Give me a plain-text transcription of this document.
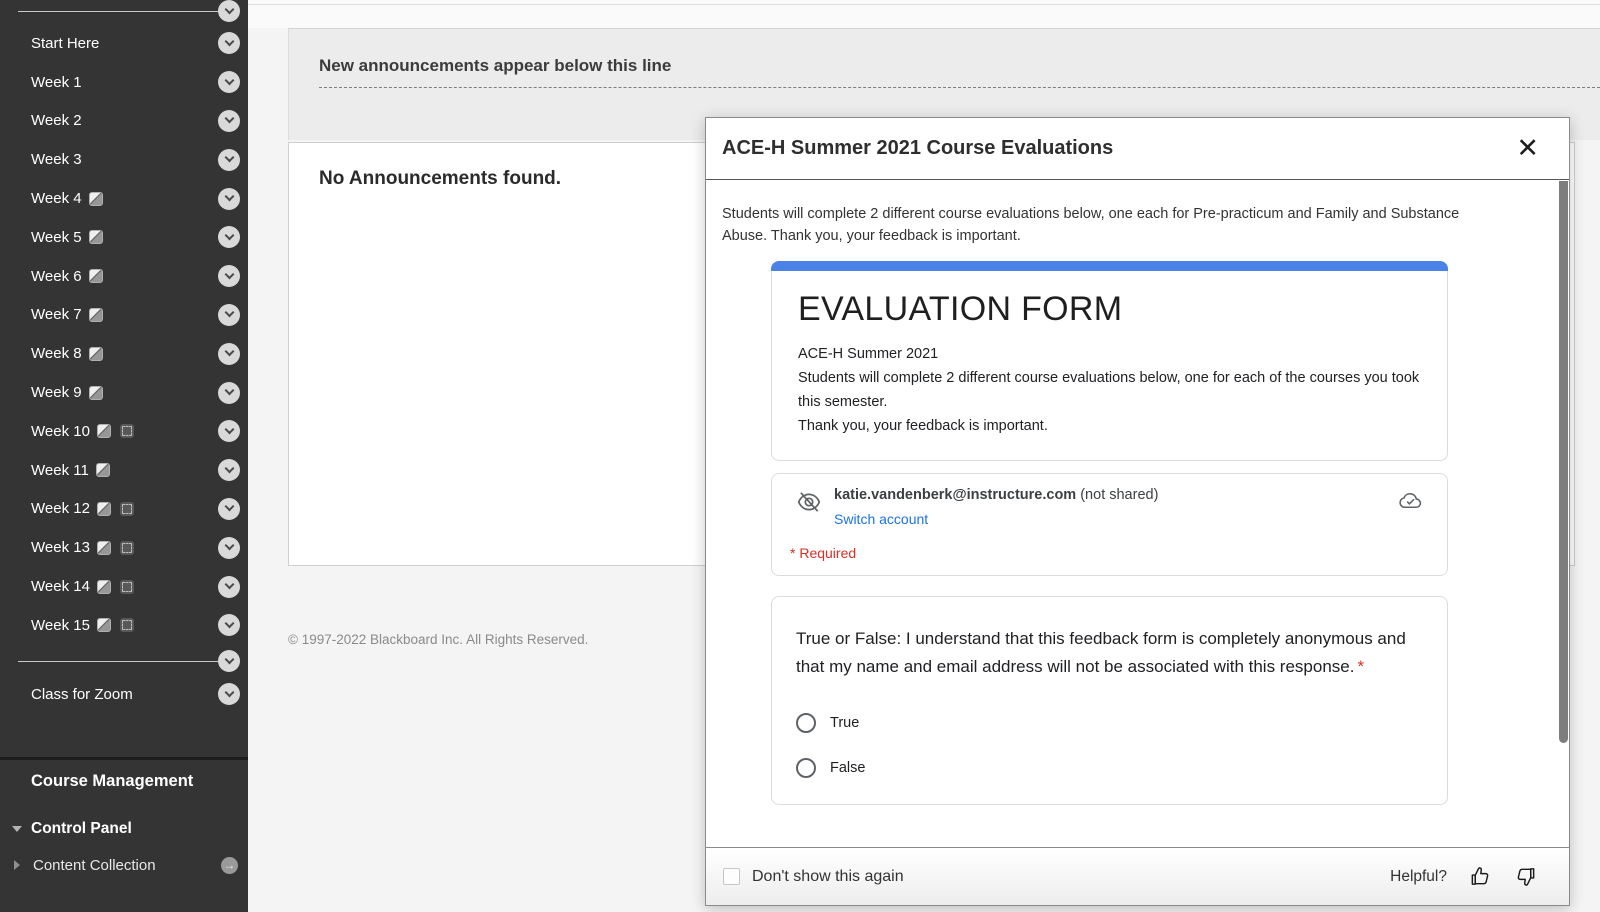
Start Here
Week 1
Week 2
Week 3
Week 4
Week 5
Week 6
Week 7
Week 8
Week 9
Week 10
Week 11
Week 12
Week 13
Week 14
Week 15
Class for Zoom
Course Management
Control Panel
Content Collection	→
New announcements appear below this line
No Announcements found.
© 1997-2022 Blackboard Inc. All Rights Reserved.
ACE-H Summer 2021 Course Evaluations	✕

Students will complete 2 different course evaluations below, one each for Pre-practicum and Family and Substance Abuse. Thank you, your feedback is important.

EVALUATION FORM
ACE-H Summer 2021
Students will complete 2 different course evaluations below, one for each of the courses you took this semester.
Thank you, your feedback is important.
katie.vandenberk@instructure.com (not shared)
Switch account
* Required
True or False: I understand that this feedback form is completely anonymous and that my name and email address will not be associated with this response. *
True
False
Don't show this again	Helpful?
